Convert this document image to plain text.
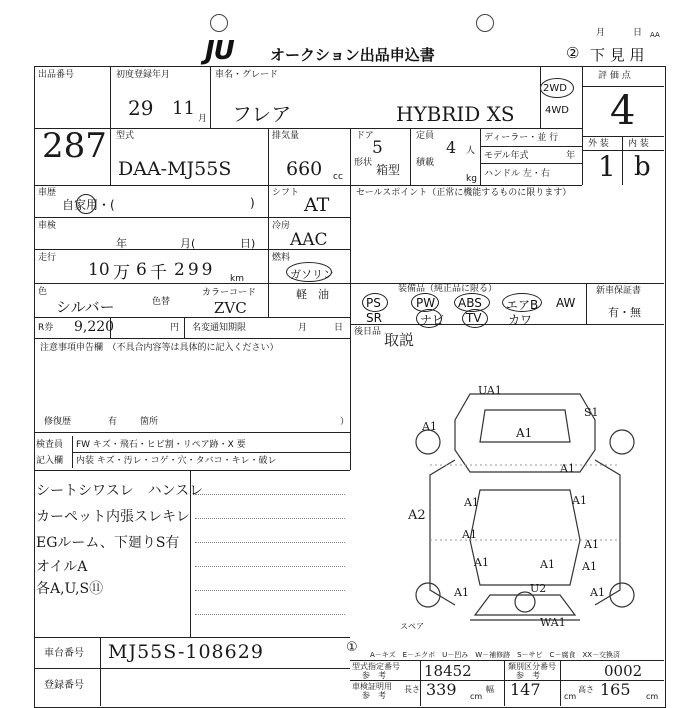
JU オークション出品申込書
月	日 AA
② 下 見 用
出品番号
287
初度登録年月
29 11 月
車名・グレード
フレア	HYBRID XS
2WD
4WD
評 価 点
4
外 装 内 装
1 b
型式
DAA-MJ55S
排気量
660 cc
ドア
5
定員
4 人
形状 箱型 積載
kg
ディーラー・並 行
モデル年式	年
ハンドル 左・右
車歴
自家用・(	)
シフト
AT
セールスポイント（正常に機能するものに限ります）
車検
年	月(	日)
冷房
AAC
走行
10 万 6 千 299 km
燃料
ガソリン
軽　油	装備品（純正品に限る）	新車保証書
有・無
PS	PW ABS エアB AW
SR	ナビ TV カワ
色
シルバー	色替
カラーコード
ZVC
R券 9,220	円 名変通知期限	月	日 後日品 取説
注意事項申告欄　（不具合内容等は具体的に記入ください）
修復歴	有	箇所	）
検査員
記入欄
FW キズ・飛石・ヒビ割・リペア跡・X 要
内装 キズ・汚レ・コゲ・穴・タバコ・キレ・破レ
シートシワスレ　ハンスレ
カーペット内張スレキレ
EGルーム、下廻りS有
オイルA
各A,U,S⑪
UA1
S1
A1
A1
A1
A2
A1
A1
A1
A1
U2
A1	A1
A1	A1
WA1
A1
スペア
A－キズ　E－エクボ　U－凹み　W－補修跡　S－サビ　C－腐食　XX－交換済
①
車台番号 MJ55S-108629
登録番号
型式指定番号
参　考	18452	類別区分番号
参　考	0002
車検証明用
参　考
長さ 339 cm
幅 147	cm
高さ 165 cm
